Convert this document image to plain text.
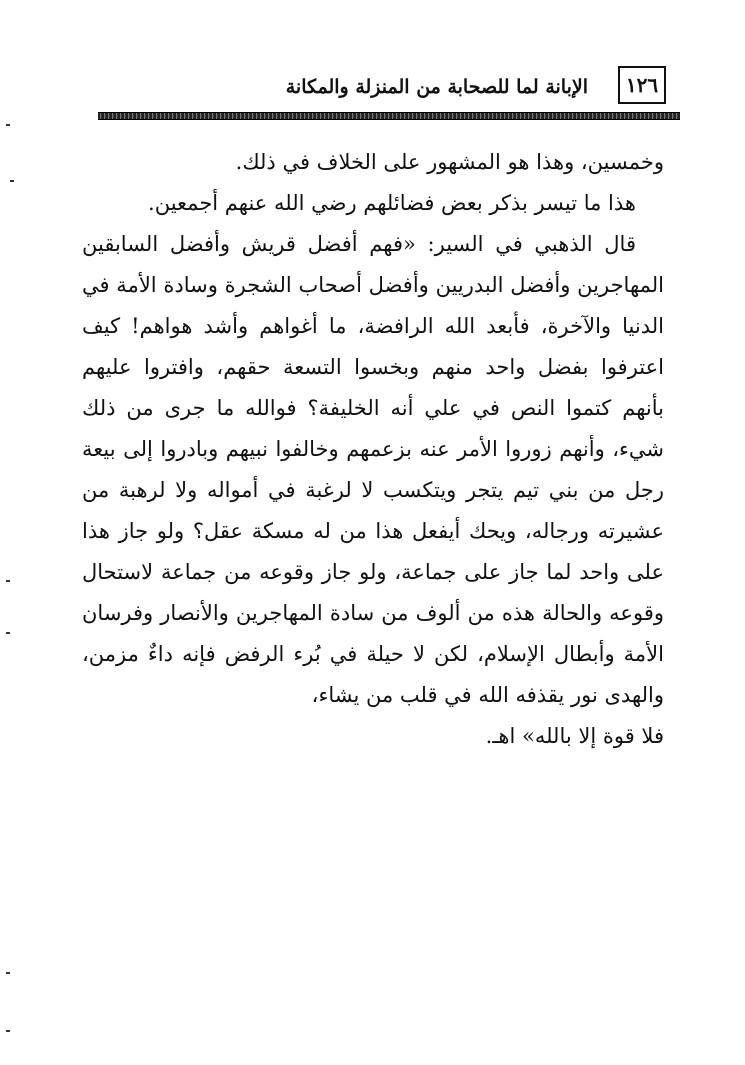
١٢٦
الإبانة لما للصحابة من المنزلة والمكانة

وخمسين، وهذا هو المشهور على الخلاف في ذلك.

هذا ما تيسر بذكر بعض فضائلهم رضي الله عنهم أجمعين.

قال الذهبي في السير: «فهم أفضل قريش وأفضل السابقين المهاجرين وأفضل البدريين وأفضل أصحاب الشجرة وسادة الأمة في الدنيا والآخرة، فأبعد الله الرافضة، ما أغواهم وأشد هواهم! كيف اعترفوا بفضل واحد منهم وبخسوا التسعة حقهم، وافتروا عليهم بأنهم كتموا النص في علي أنه الخليفة؟ فوالله ما جرى من ذلك شيء، وأنهم زوروا الأمر عنه بزعمهم وخالفوا نبيهم وبادروا إلى بيعة رجل من بني تيم يتجر ويتكسب لا لرغبة في أمواله ولا لرهبة من عشيرته ورجاله، ويحك أيفعل هذا من له مسكة عقل؟ ولو جاز هذا على واحد لما جاز على جماعة، ولو جاز وقوعه من جماعة لاستحال وقوعه والحالة هذه من ألوف من سادة المهاجرين والأنصار وفرسان الأمة وأبطال الإسلام، لكن لا حيلة في بُرء الرفض فإنه داءٌ مزمن، والهدى نور يقذفه الله في قلب من يشاء،

فلا قوة إلا بالله» اهـ.
